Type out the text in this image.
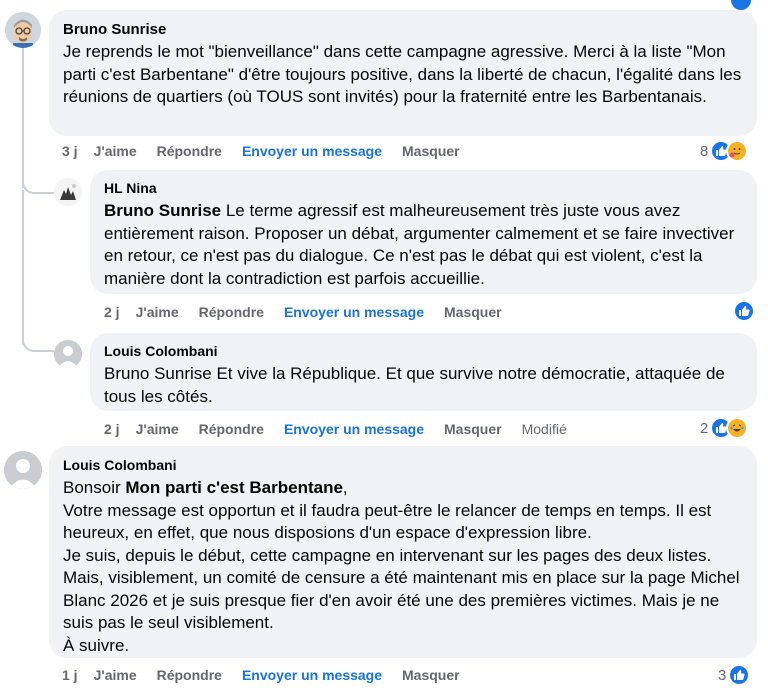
Bruno Sunrise
Je reprends le mot "bienveillance" dans cette campagne agressive. Merci à la liste "Mon parti c'est Barbentane" d'être toujours positive, dans la liberté de chacun, l'égalité dans les réunions de quartiers (où TOUS sont invités) pour la fraternité entre les Barbentanais.
3 j J'aime Répondre Envoyer un message Masquer	8
HL Nina
Bruno Sunrise Le terme agressif est malheureusement très juste vous avez entièrement raison. Proposer un débat, argumenter calmement et se faire invectiver en retour, ce n'est pas du dialogue. Ce n'est pas le débat qui est violent, c'est la manière dont la contradiction est parfois accueillie.
2 j J'aime Répondre Envoyer un message Masquer
Louis Colombani
Bruno Sunrise Et vive la République. Et que survive notre démocratie, attaquée de tous les côtés.
2 j J'aime Répondre Envoyer un message Masquer Modifié	2
Louis Colombani
Bonsoir Mon parti c'est Barbentane,
Votre message est opportun et il faudra peut-être le relancer de temps en temps. Il est heureux, en effet, que nous disposions d'un espace d'expression libre.
Je suis, depuis le début, cette campagne en intervenant sur les pages des deux listes. Mais, visiblement, un comité de censure a été maintenant mis en place sur la page Michel Blanc 2026 et je suis presque fier d'en avoir été une des premières victimes. Mais je ne suis pas le seul visiblement.
À suivre.
1 j J'aime Répondre Envoyer un message Masquer	3
